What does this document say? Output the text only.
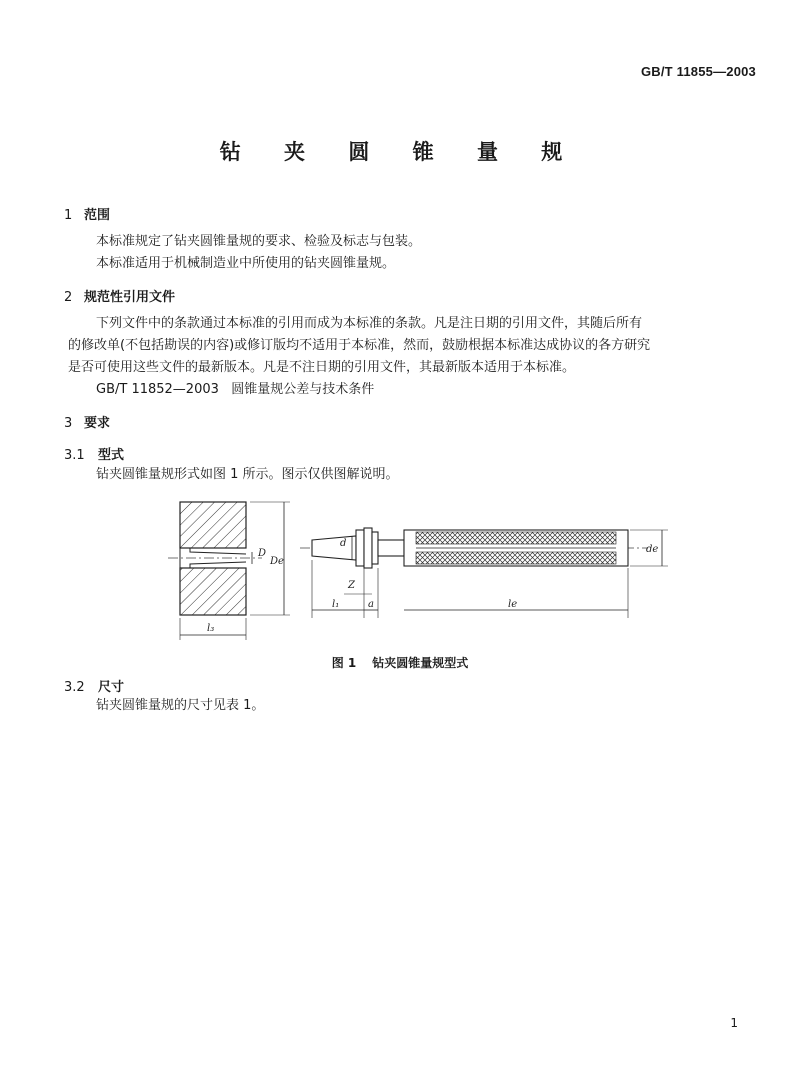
GB/T 11855—2003
钻 夹 圆 锥 量 规
1 范围
本标准规定了钻夹圆锥量规的要求、检验及标志与包装。
本标准适用于机械制造业中所使用的钻夹圆锥量规。
2 规范性引用文件
下列文件中的条款通过本标准的引用而成为本标准的条款。凡是注日期的引用文件，其随后所有
的修改单(不包括勘误的内容)或修订版均不适用于本标准，然而，鼓励根据本标准达成协议的各方研究
是否可使用这些文件的最新版本。凡是不注日期的引用文件，其最新版本适用于本标准。
GB/T 11852—2003   圆锥量规公差与技术条件
3 要求
3.1 型式
钻夹圆锥量规形式如图 1 所示。图示仅供图解说明。
D
De
l₃
d
Z
l₁	a	le
de
图 1 钻夹圆锥量规型式
3.2 尺寸
钻夹圆锥量规的尺寸见表 1。
1
